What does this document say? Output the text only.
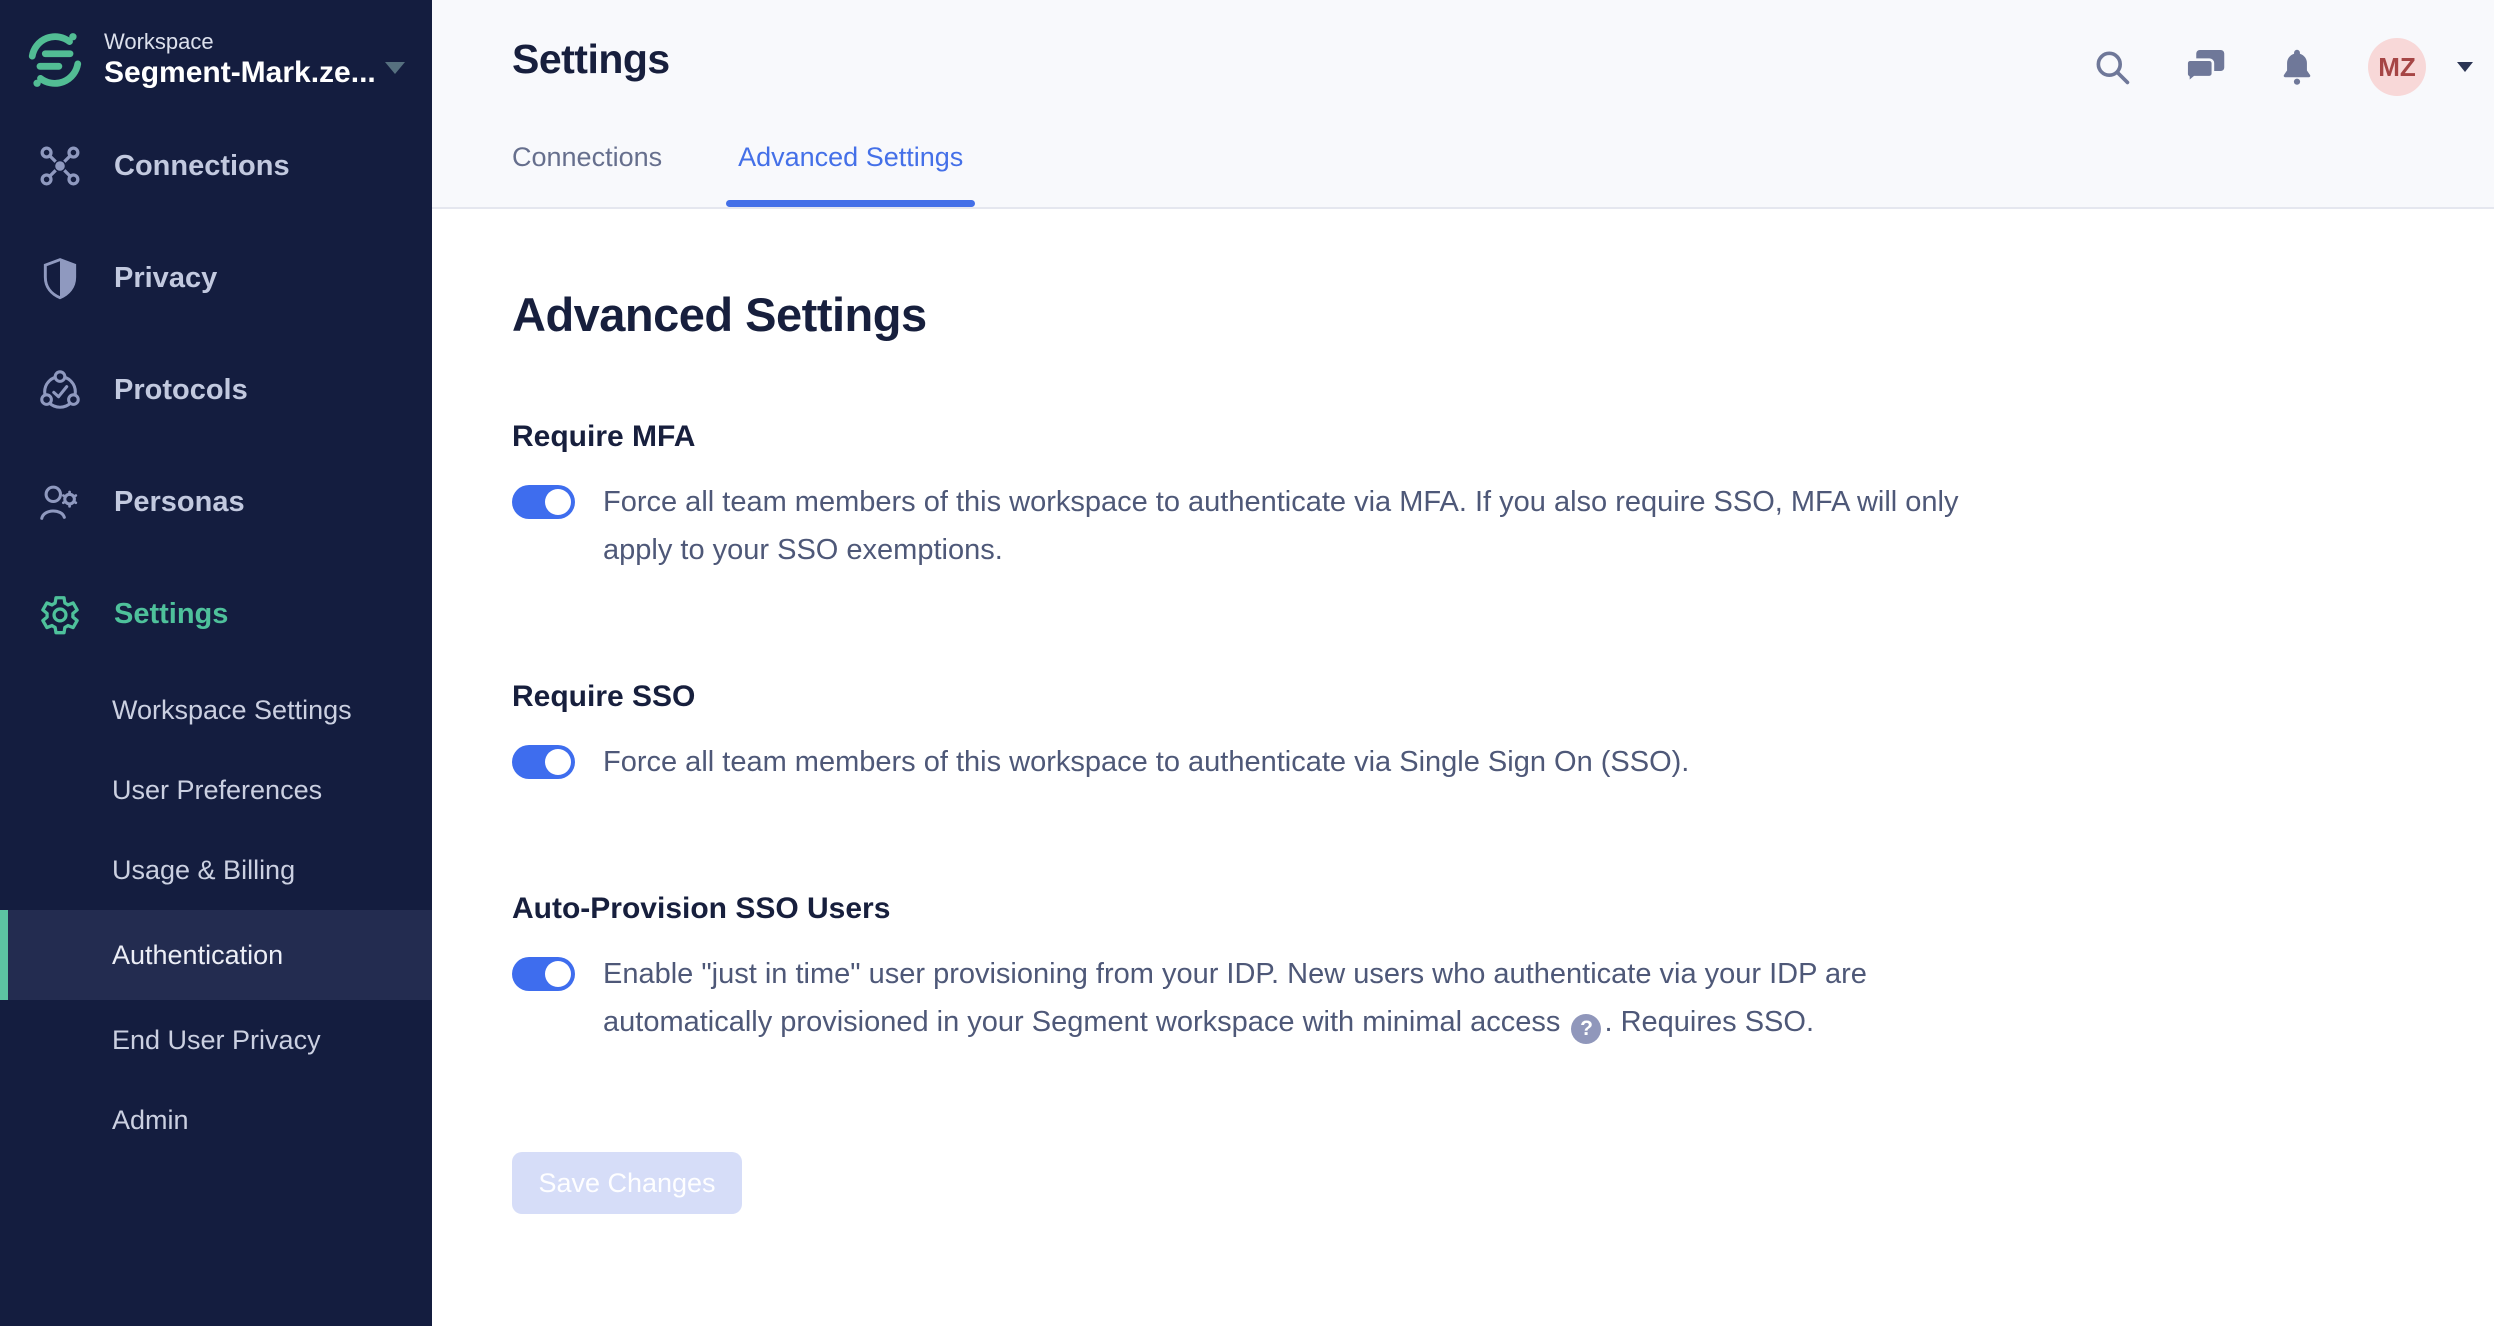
Workspace
Segment-Mark.ze...
Connections
Privacy
Protocols
Personas
Settings
Workspace Settings
User Preferences
Usage & Billing
Authentication
End User Privacy
Admin
Settings	MZ
Connections	Advanced Settings
Advanced Settings
Require MFA

Force all team members of this workspace to authenticate via MFA. If you also require SSO, MFA will only apply to your SSO exemptions.

Require SSO

Force all team members of this workspace to authenticate via Single Sign On (SSO).

Auto-Provision SSO Users

Enable "just in time" user provisioning from your IDP. New users who authenticate via your IDP are automatically provisioned in your Segment workspace with minimal access ? . Requires SSO.

Save Changes
